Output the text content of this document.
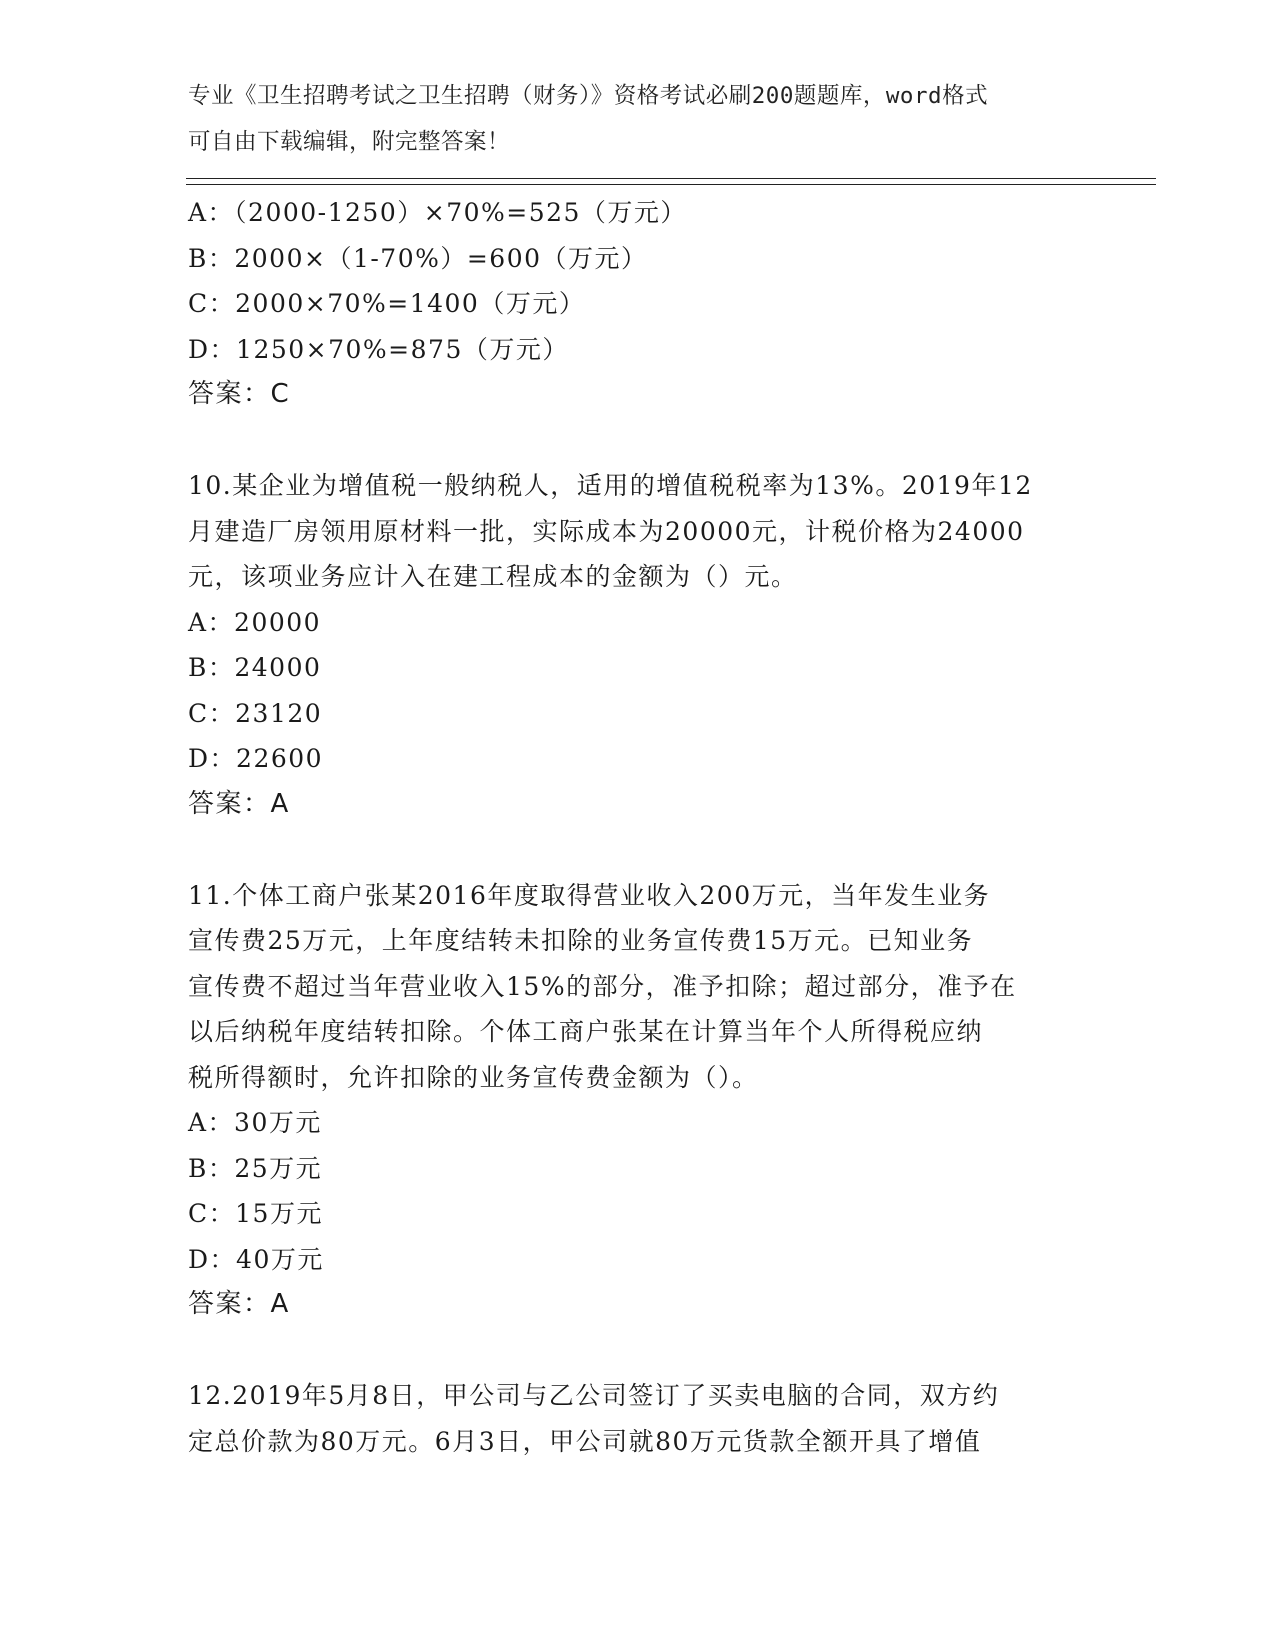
专业《卫生招聘考试之卫生招聘（财务）》资格考试必刷200题题库，word格式
可自由下载编辑，附完整答案！
A：（2000-1250）×70%=525（万元）
B：2000×（1-70%）=600（万元）
C：2000×70%=1400（万元）
D：1250×70%=875（万元）
答案：C
10.某企业为增值税一般纳税人，适用的增值税税率为13%。2019年12
月建造厂房领用原材料一批，实际成本为20000元，计税价格为24000
元，该项业务应计入在建工程成本的金额为（）元。
A：20000
B：24000
C：23120
D：22600
答案：A
11.个体工商户张某2016年度取得营业收入200万元，当年发生业务
宣传费25万元，上年度结转未扣除的业务宣传费15万元。已知业务
宣传费不超过当年营业收入15%的部分，准予扣除；超过部分，准予在
以后纳税年度结转扣除。个体工商户张某在计算当年个人所得税应纳
税所得额时，允许扣除的业务宣传费金额为（）。
A：30万元
B：25万元
C：15万元
D：40万元
答案：A
12.2019年5月8日，甲公司与乙公司签订了买卖电脑的合同，双方约
定总价款为80万元。6月3日，甲公司就80万元货款全额开具了增值
